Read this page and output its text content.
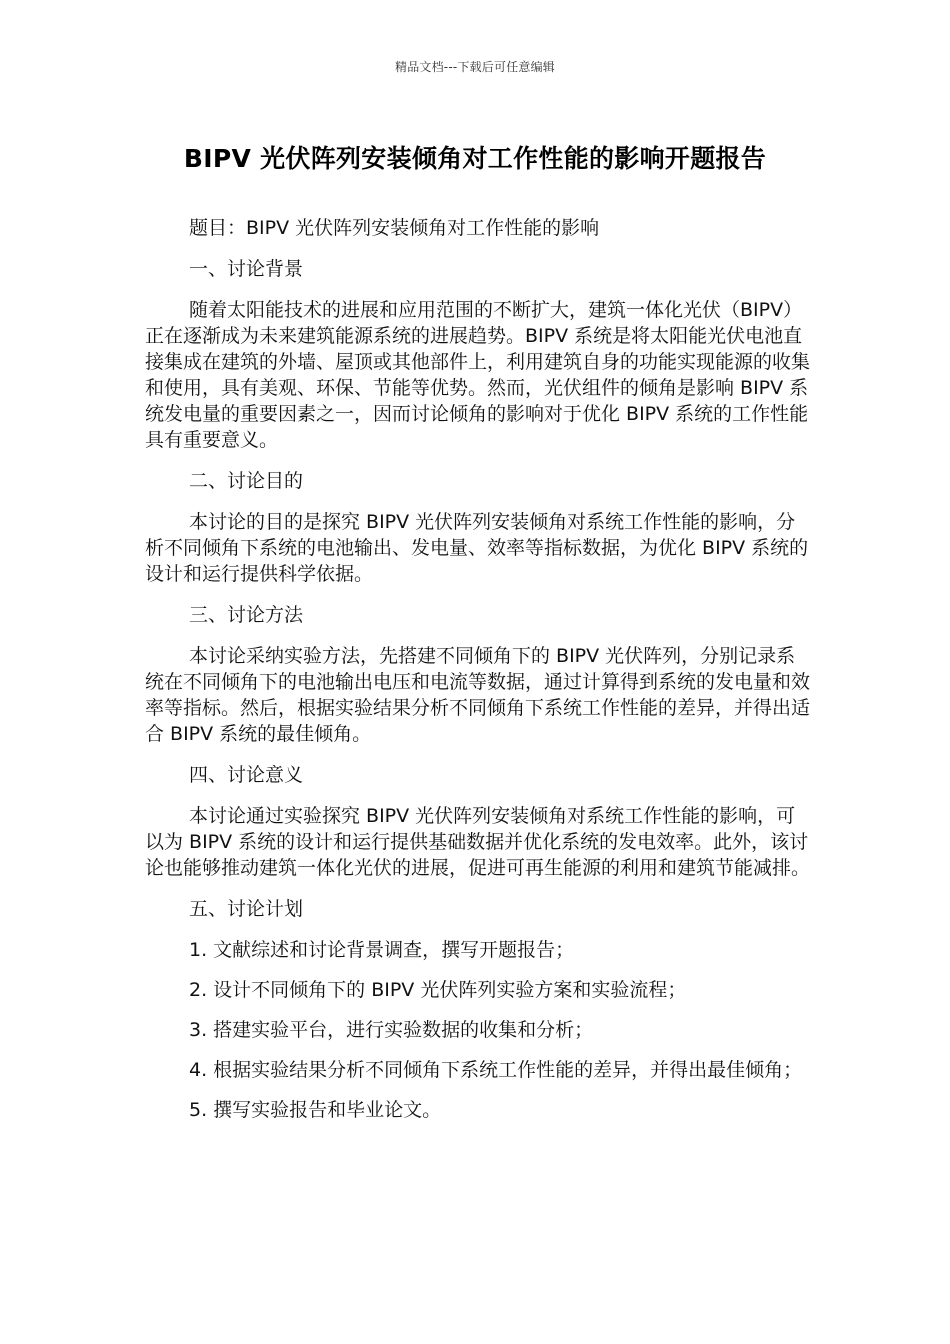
精品文档---下载后可任意编辑
BIPV 光伏阵列安装倾角对工作性能的影响开题报告

题目：BIPV 光伏阵列安装倾角对工作性能的影响

一、讨论背景

随着太阳能技术的进展和应用范围的不断扩大，建筑一体化光伏（BIPV）正在逐渐成为未来建筑能源系统的进展趋势。BIPV 系统是将太阳能光伏电池直接集成在建筑的外墙、屋顶或其他部件上，利用建筑自身的功能实现能源的收集和使用，具有美观、环保、节能等优势。然而，光伏组件的倾角是影响 BIPV 系统发电量的重要因素之一，因而讨论倾角的影响对于优化 BIPV 系统的工作性能具有重要意义。

二、讨论目的

本讨论的目的是探究 BIPV 光伏阵列安装倾角对系统工作性能的影响，分析不同倾角下系统的电池输出、发电量、效率等指标数据，为优化 BIPV 系统的设计和运行提供科学依据。

三、讨论方法

本讨论采纳实验方法，先搭建不同倾角下的 BIPV 光伏阵列，分别记录系统在不同倾角下的电池输出电压和电流等数据，通过计算得到系统的发电量和效率等指标。然后，根据实验结果分析不同倾角下系统工作性能的差异，并得出适合 BIPV 系统的最佳倾角。

四、讨论意义

本讨论通过实验探究 BIPV 光伏阵列安装倾角对系统工作性能的影响，可以为 BIPV 系统的设计和运行提供基础数据并优化系统的发电效率。此外，该讨论也能够推动建筑一体化光伏的进展，促进可再生能源的利用和建筑节能减排。

五、讨论计划

1. 文献综述和讨论背景调查，撰写开题报告；

2. 设计不同倾角下的 BIPV 光伏阵列实验方案和实验流程；

3. 搭建实验平台，进行实验数据的收集和分析；

4. 根据实验结果分析不同倾角下系统工作性能的差异，并得出最佳倾角；

5. 撰写实验报告和毕业论文。
